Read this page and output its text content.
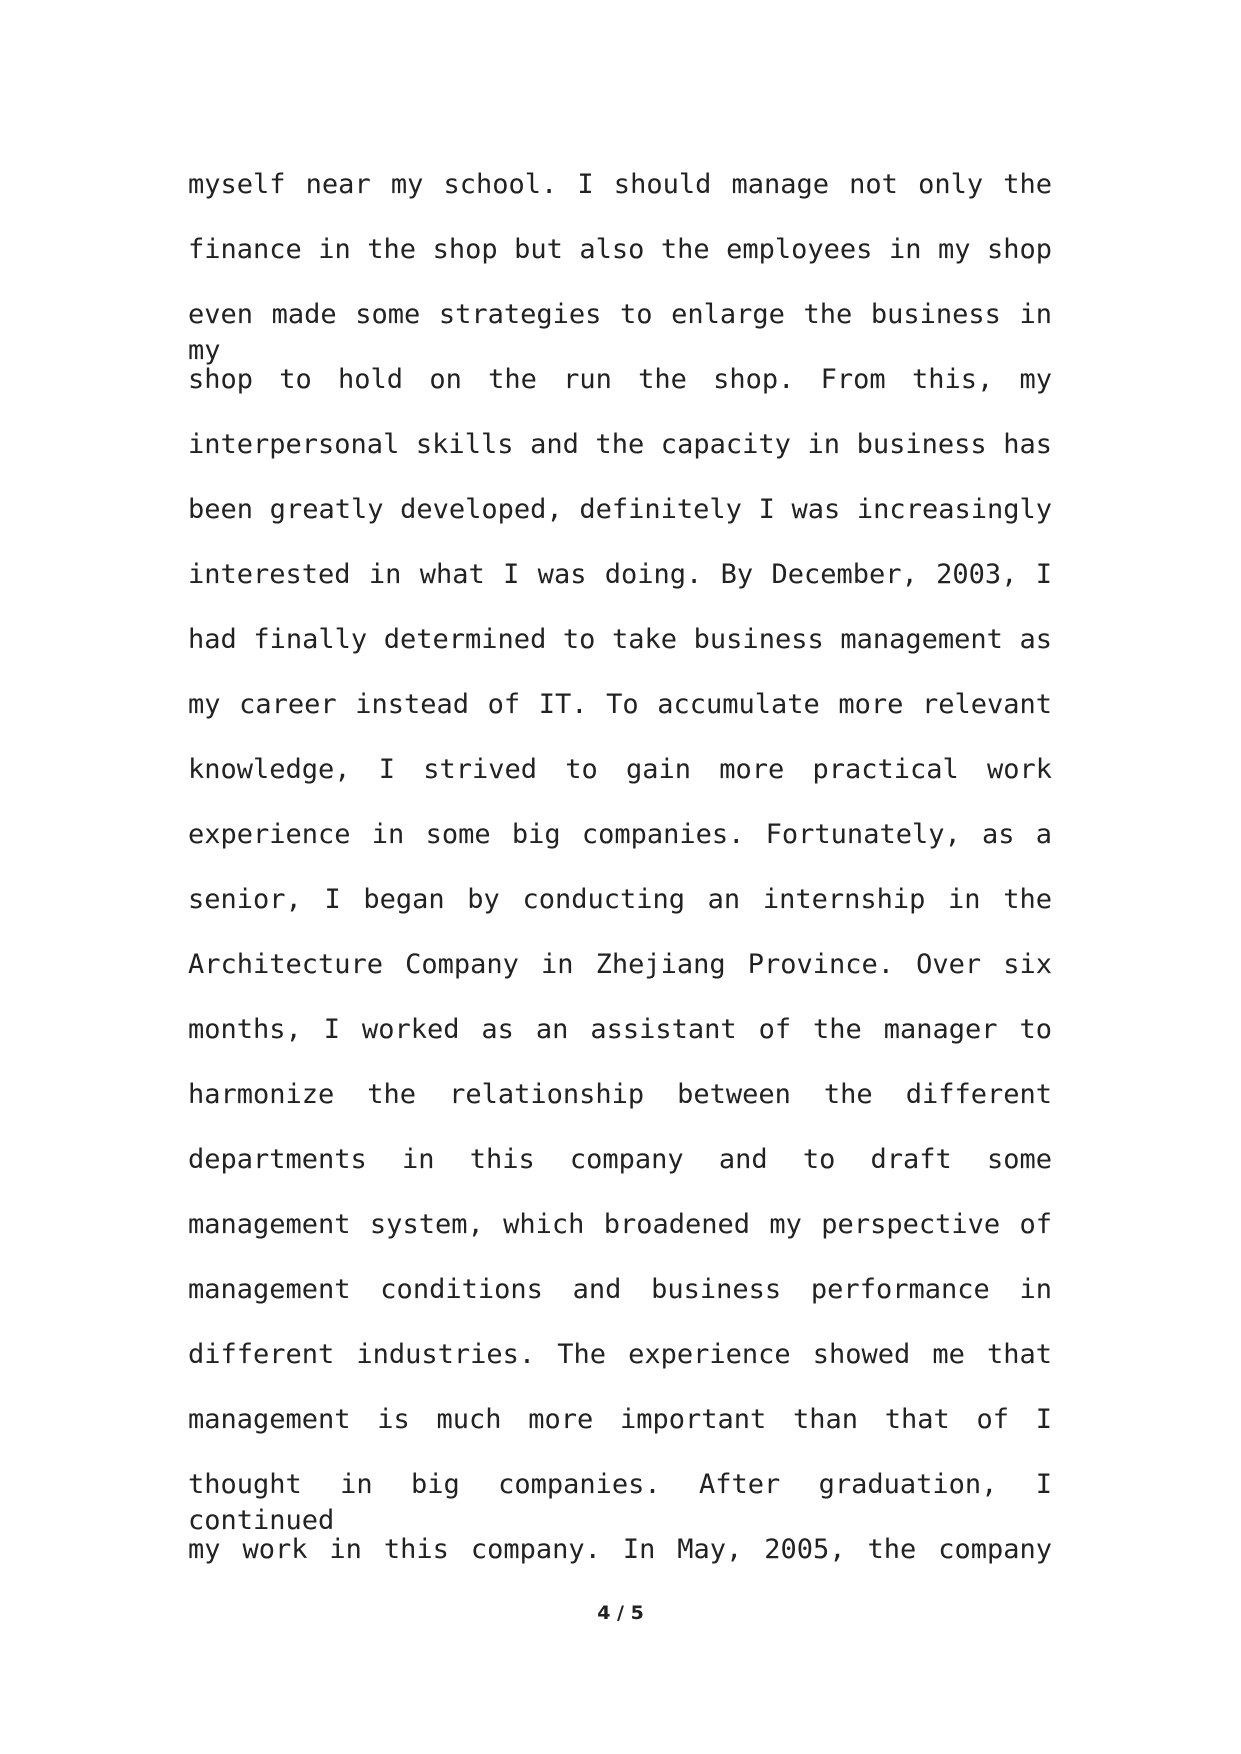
myself near my school. I should manage not only the
finance in the shop but also the employees in my shop
even made some strategies to enlarge the business in my
shop to hold on the run the shop. From this, my
interpersonal skills and the capacity in business has
been greatly developed, definitely I was increasingly
interested in what I was doing. By December, 2003, I
had finally determined to take business management as
my career instead of IT. To accumulate more relevant
knowledge, I strived to gain more practical work
experience in some big companies. Fortunately, as a
senior, I began by conducting an internship in the
Architecture Company in Zhejiang Province. Over six
months, I worked as an assistant of the manager to
harmonize the relationship between the different
departments in this company and to draft some
management system, which broadened my perspective of
management conditions and business performance in
different industries. The experience showed me that
management is much more important than that of I
thought in big companies. After graduation, I continued
my work in this company. In May, 2005, the company
4 / 5
